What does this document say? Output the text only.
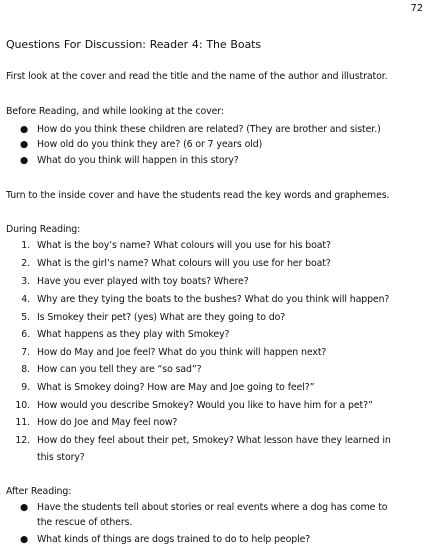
72
Questions For Discussion: Reader 4: The Boats
First look at the cover and read the title and the name of the author and illustrator.
Before Reading, and while looking at the cover:
● How do you think these children are related? (They are brother and sister.)
● How old do you think they are? (6 or 7 years old)
● What do you think will happen in this story?
Turn to the inside cover and have the students read the key words and graphemes.
During Reading:
1. What is the boy’s name? What colours will you use for his boat?
2. What is the girl’s name? What colours will you use for her boat?
3. Have you ever played with toy boats? Where?
4. Why are they tying the boats to the bushes? What do you think will happen?
5. Is Smokey their pet? (yes) What are they going to do?
6. What happens as they play with Smokey?
7. How do May and Joe feel? What do you think will happen next?
8. How can you tell they are “so sad”?
9. What is Smokey doing? How are May and Joe going to feel?”
10. How would you describe Smokey? Would you like to have him for a pet?”
11. How do Joe and May feel now?
12. How do they feel about their pet, Smokey? What lesson have they learned in
this story?
After Reading:
● Have the students tell about stories or real events where a dog has come to
the rescue of others.
● What kinds of things are dogs trained to do to help people?
